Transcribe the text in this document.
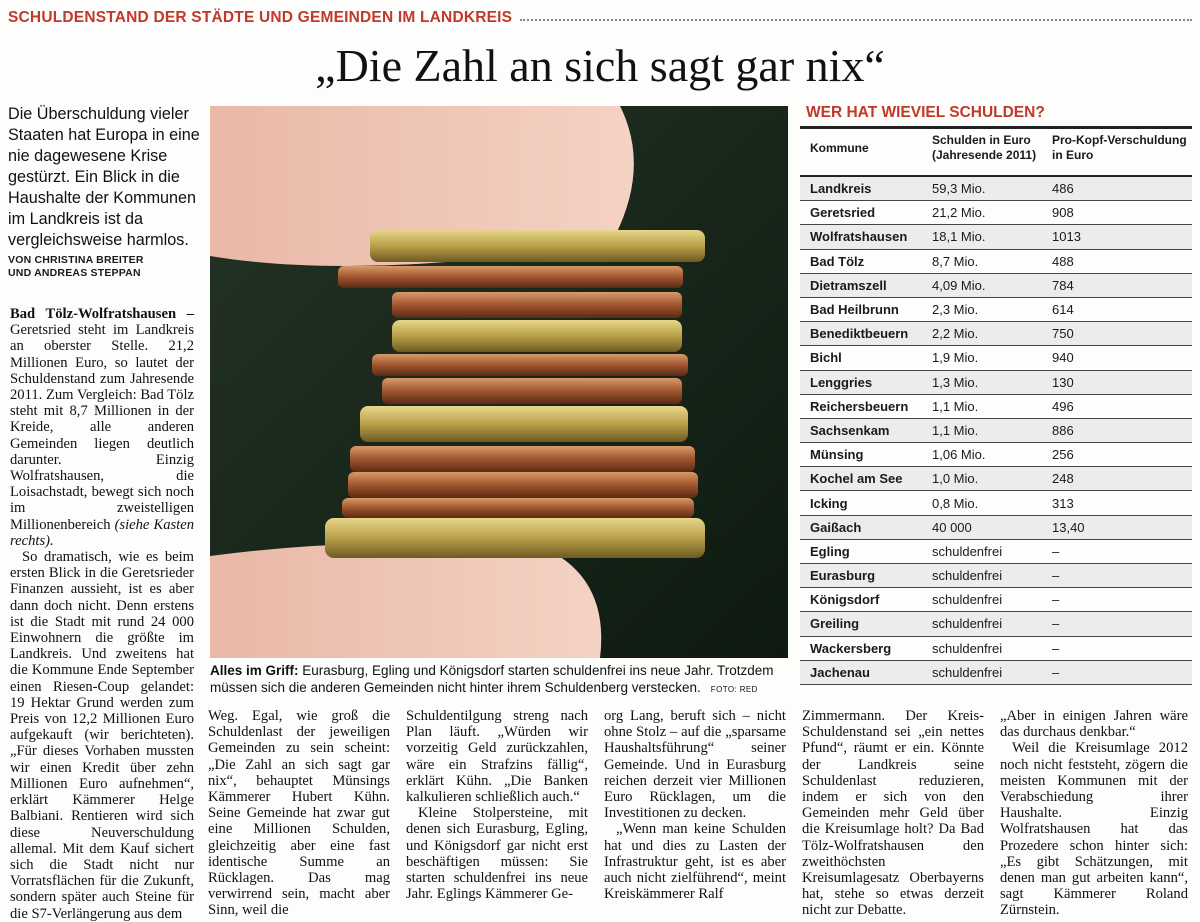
SCHULDENSTAND DER STÄDTE UND GEMEINDEN IM LANDKREIS
„Die Zahl an sich sagt gar nix“
Die Überschuldung vieler Staaten hat Europa in eine nie dagewesene Krise gestürzt. Ein Blick in die Haushalte der Kommunen im Landkreis ist da vergleichsweise harmlos.
VON CHRISTINA BREITER
UND ANDREAS STEPPAN

Bad Tölz-Wolfratshausen – Geretsried steht im Landkreis an oberster Stelle. 21,2 Millionen Euro, so lautet der Schuldenstand zum Jahresende 2011. Zum Vergleich: Bad Tölz steht mit 8,7 Millionen in der Kreide, alle anderen Gemeinden liegen deutlich darunter. Einzig Wolfratshausen, die Loisachstadt, bewegt sich noch im zweistelligen Millionenbereich (siehe Kasten rechts).

So dramatisch, wie es beim ersten Blick in die Geretsrieder Finanzen aussieht, ist es aber dann doch nicht. Denn erstens ist die Stadt mit rund 24 000 Einwohnern die größte im Landkreis. Und zweitens hat die Kommune Ende September einen Riesen-Coup gelandet: 19 Hektar Grund werden zum Preis von 12,2 Millionen Euro aufgekauft (wir berichteten). „Für dieses Vorhaben mussten wir einen Kredit über zehn Millionen Euro aufnehmen“, erklärt Kämmerer Helge Balbiani. Rentieren wird sich diese Neuverschuldung allemal. Mit dem Kauf sichert sich die Stadt nicht nur Vorratsflächen für die Zukunft, sondern später auch Steine für die S7-Verlängerung aus dem

Alles im Griff: Eurasburg, Egling und Königsdorf starten schuldenfrei ins neue Jahr. Trotzdem müssen sich die anderen Gemeinden nicht hinter ihrem Schuldenberg verstecken. FOTO: RED
WER HAT WIEVIEL SCHULDEN?
Kommune
Schulden in Euro (Jahresende 2011)
Pro-Kopf-Verschuldung in Euro
Landkreis	59,3 Mio.	486
Geretsried	21,2 Mio.	908
Wolfratshausen	18,1 Mio.	1013
Bad Tölz	8,7 Mio.	488
Dietramszell	4,09 Mio.	784
Bad Heilbrunn	2,3 Mio.	614
Benediktbeuern	2,2 Mio.	750
Bichl	1,9 Mio.	940
Lenggries	1,3 Mio.	130
Reichersbeuern	1,1 Mio.	496
Sachsenkam	1,1 Mio.	886
Münsing	1,06 Mio.	256
Kochel am See	1,0 Mio.	248
Icking	0,8 Mio.	313
Gaißach	40 000	13,40
Egling	schuldenfrei	–
Eurasburg	schuldenfrei	–
Königsdorf	schuldenfrei	–
Greiling	schuldenfrei	–
Wackersberg	schuldenfrei	–
Jachenau	schuldenfrei	–

Weg. Egal, wie groß die Schuldenlast der jeweiligen Gemeinden zu sein scheint: „Die Zahl an sich sagt gar nix“, behauptet Münsings Kämmerer Hubert Kühn. Seine Gemeinde hat zwar gut eine Millionen Schulden, gleichzeitig aber eine fast identische Summe an Rücklagen. Das mag verwirrend sein, macht aber Sinn, weil die

Schuldentilgung streng nach Plan läuft. „Würden wir vorzeitig Geld zurückzahlen, wäre ein Strafzins fällig“, erklärt Kühn. „Die Banken kalkulieren schließlich auch.“

Kleine Stolpersteine, mit denen sich Eurasburg, Egling, und Königsdorf gar nicht erst beschäftigen müssen: Sie starten schuldenfrei ins neue Jahr. Eglings Kämmerer Ge-

org Lang, beruft sich – nicht ohne Stolz – auf die „sparsame Haushaltsführung“ seiner Gemeinde. Und in Eurasburg reichen derzeit vier Millionen Euro Rücklagen, um die Investitionen zu decken.

„Wenn man keine Schulden hat und dies zu Lasten der Infrastruktur geht, ist es aber auch nicht zielführend“, meint Kreiskämmerer Ralf

Zimmermann. Der Kreis-Schuldenstand sei „ein nettes Pfund“, räumt er ein. Könnte der Landkreis seine Schuldenlast reduzieren, indem er sich von den Gemeinden mehr Geld über die Kreisumlage holt? Da Bad Tölz-Wolfratshausen den zweithöchsten Kreisumlagesatz Oberbayerns hat, stehe so etwas derzeit nicht zur Debatte.

„Aber in einigen Jahren wäre das durchaus denkbar.“

Weil die Kreisumlage 2012 noch nicht feststeht, zögern die meisten Kommunen mit der Verabschiedung ihrer Haushalte. Einzig Wolfratshausen hat das Prozedere schon hinter sich: „Es gibt Schätzungen, mit denen man gut arbeiten kann“, sagt Kämmerer Roland Zürnstein.
